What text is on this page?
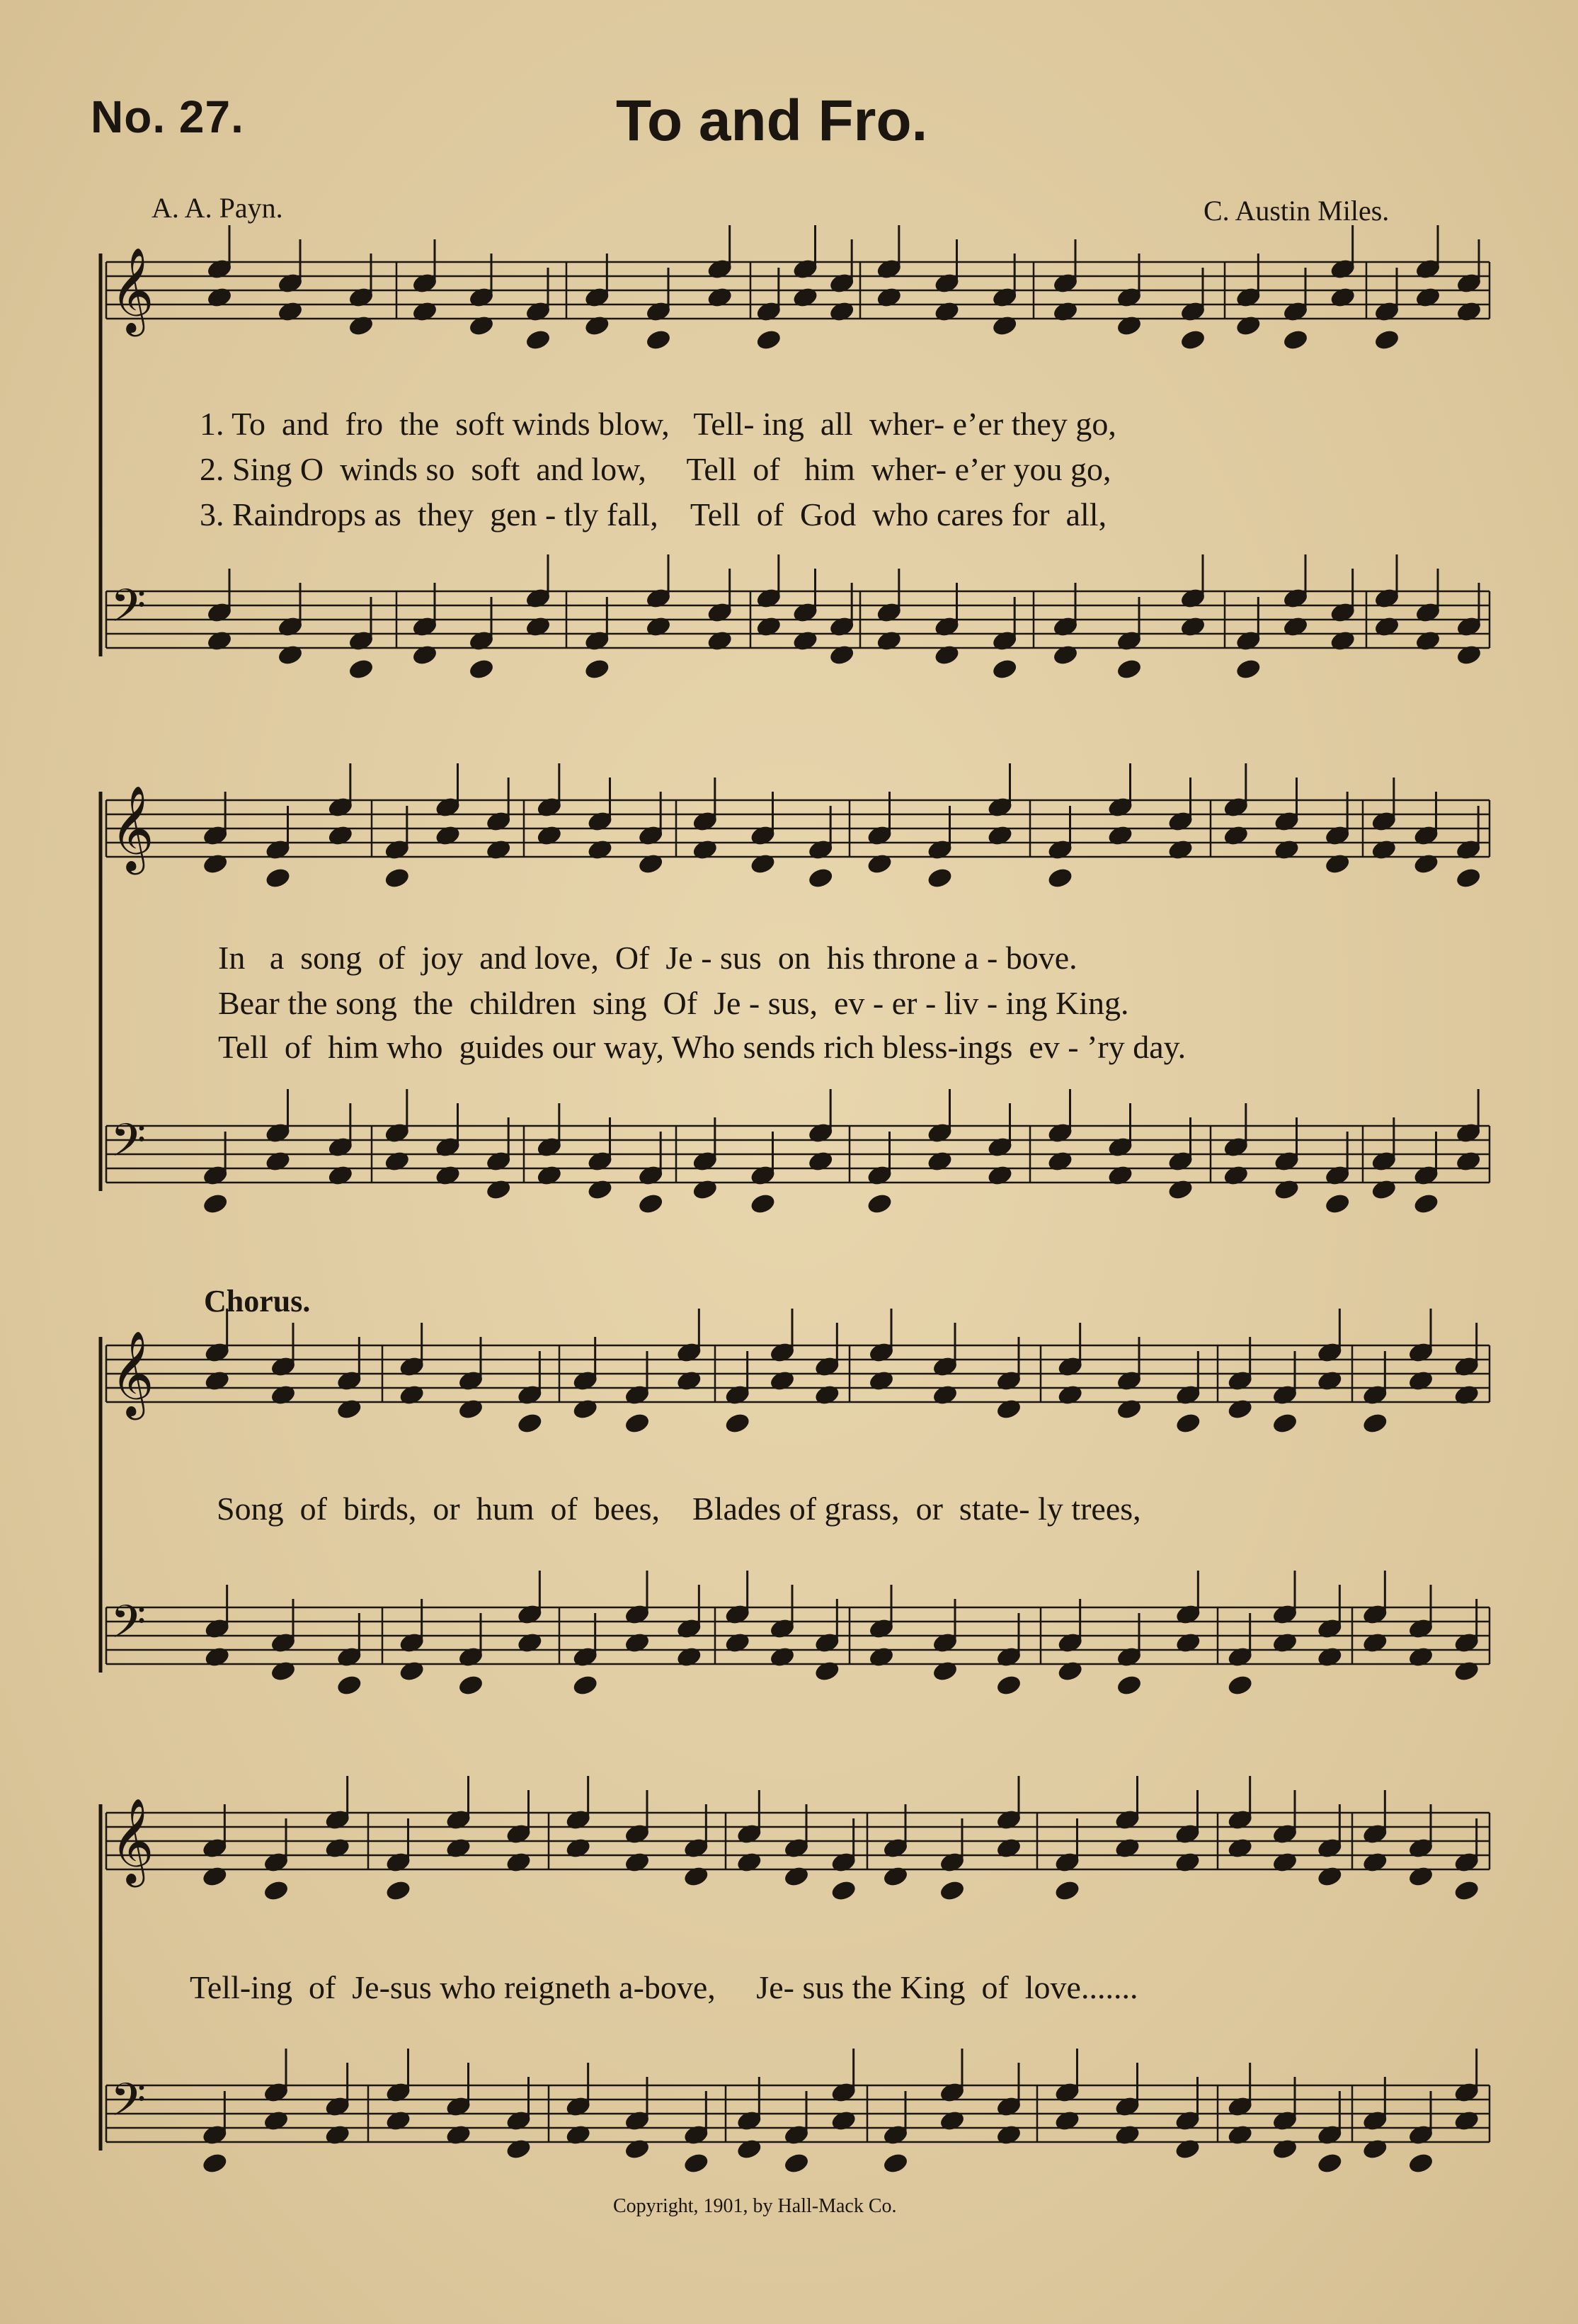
No. 27.	To and Fro.
A. A. Payn.	C. Austin Miles.
𝄞
𝄢
𝄞
𝄢
𝄞
𝄢
𝄞
𝄢
1. To  and  fro  the  soft winds blow,   Tell- ing  all  wher- e’er they go,
2. Sing O  winds so  soft  and low,     Tell  of   him  wher- e’er you go,
3. Raindrops as  they  gen - tly fall,    Tell  of  God  who cares for  all,
In   a  song  of  joy  and love,  Of  Je - sus  on  his throne a - bove.
Bear the song  the  children  sing  Of  Je - sus,  ev - er - liv - ing King.
Tell  of  him who  guides our way, Who sends rich bless-ings  ev - ’ry day.
Chorus.
Song  of  birds,  or  hum  of  bees,    Blades of grass,  or  state- ly trees,
Tell-ing  of  Je-sus who reigneth a-bove,     Je- sus the King  of  love.......
Copyright, 1901, by Hall-Mack Co.
